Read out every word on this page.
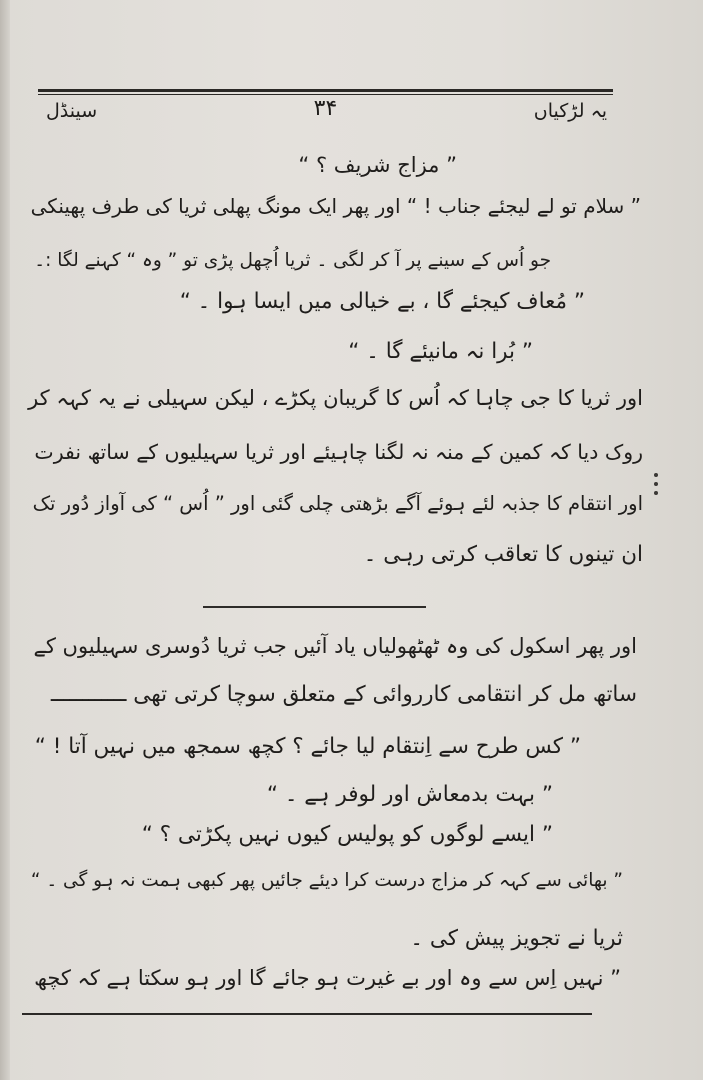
یہ لڑکیاں
۳۴
سینڈل
” مزاج شریف ؟ “
” سلام تو لے لیجئے جناب ! “ اور پھر ایک مونگ پھلی ثریا کی طرف پھینکی
جو اُس کے سینے پر آ کر لگی ۔ ثریا اُچھل پڑی تو ” وہ “ کہنے لگا :۔
” مُعاف کیجئے گا ، بے خیالی میں ایسا ہوا ۔ “
” بُرا نہ مانیئے گا ۔ “
اور ثریا کا جی چاہا کہ اُس کا گریبان پکڑے ، لیکن سہیلی نے یہ کہہ کر
روک دیا کہ کمین کے منہ نہ لگنا چاہیئے اور ثریا سہیلیوں کے ساتھ نفرت
اور انتقام کا جذبہ لئے ہوئے آگے بڑھتی چلی گئی اور ” اُس “ کی آواز دُور تک
ان تینوں کا تعاقب کرتی رہی ۔
اور پھر اسکول کی وہ ٹھٹھولیاں یاد آئیں جب ثریا دُوسری سہیلیوں کے
ساتھ مل کر انتقامی کارروائی کے متعلق سوچا کرتی تھی ــــــــــــ
” کس طرح سے اِنتقام لیا جائے ؟ کچھ سمجھ میں نہیں آتا ! “
” بہت بدمعاش اور لوفر ہے ۔ “
” ایسے لوگوں کو پولیس کیوں نہیں پکڑتی ؟ “
” بھائی سے کہہ کر مزاج درست کرا دیئے جائیں پھر کبھی ہمت نہ ہو گی ۔ “
ثریا نے تجویز پیش کی ۔
” نہیں اِس سے وہ اور بے غیرت ہو جائے گا اور ہو سکتا ہے کہ کچھ
